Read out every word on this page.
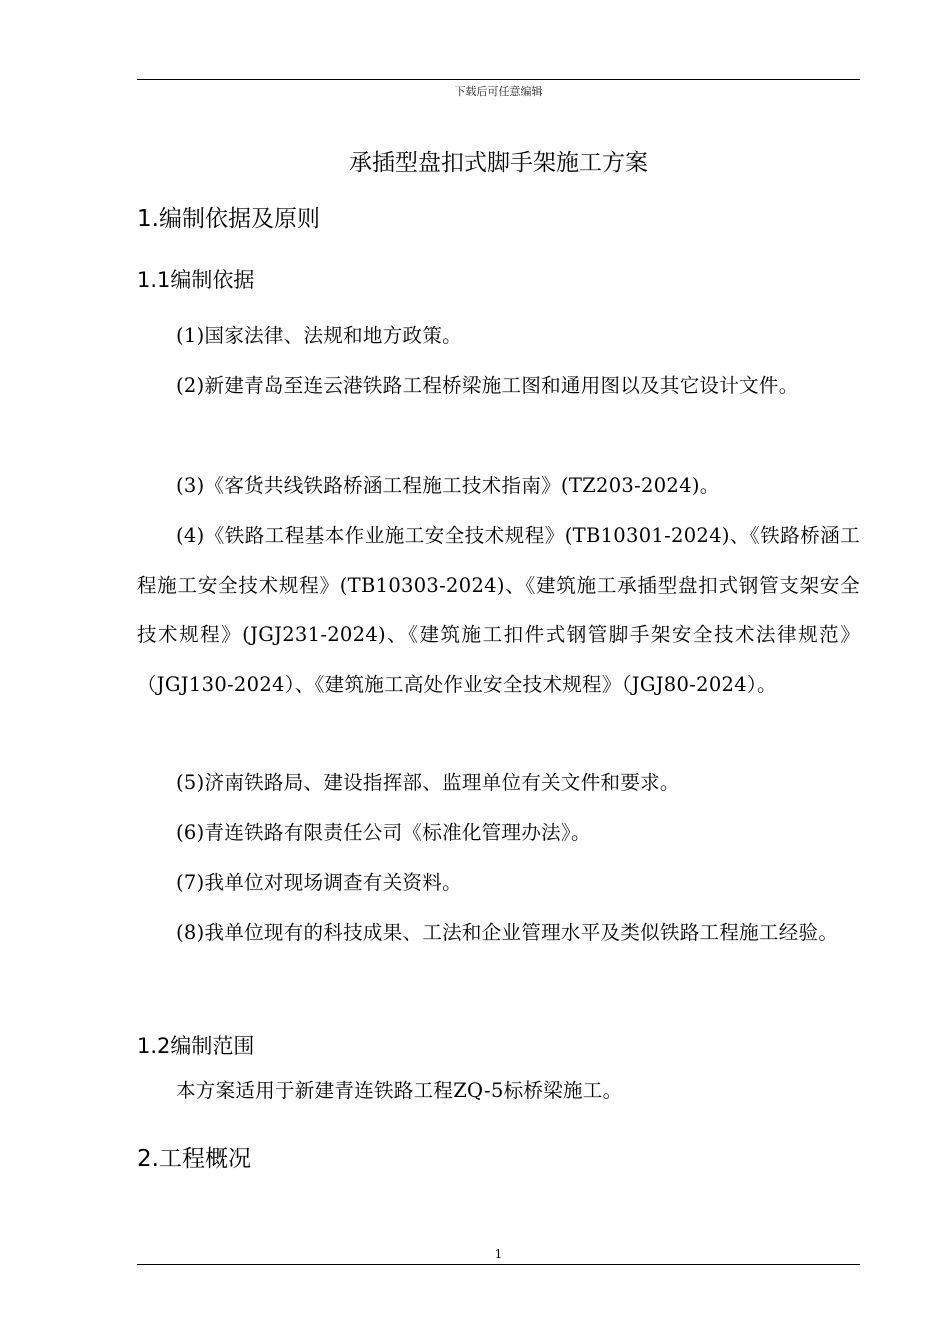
下载后可任意编辑
承插型盘扣式脚手架施工方案
1.编制依据及原则
1.1编制依据
(1)国家法律、法规和地方政策。
(2)新建青岛至连云港铁路工程桥梁施工图和通用图以及其它设计文件。
(3)《客货共线铁路桥涵工程施工技术指南》(TZ203-2024)。
(4)《铁路工程基本作业施工安全技术规程》(TB10301-2024)、《铁路桥涵工程施工安全技术规程》(TB10303-2024)、《建筑施工承插型盘扣式钢管支架安全技术规程》(JGJ231-2024)、《建筑施工扣件式钢管脚手架安全技术法律规范》（JGJ130-2024）、《建筑施工高处作业安全技术规程》（JGJ80-2024）。
(5)济南铁路局、建设指挥部、监理单位有关文件和要求。
(6)青连铁路有限责任公司《标准化管理办法》。
(7)我单位对现场调查有关资料。
(8)我单位现有的科技成果、工法和企业管理水平及类似铁路工程施工经验。
1.2编制范围
本方案适用于新建青连铁路工程ZQ-5标桥梁施工。
2.工程概况
1
